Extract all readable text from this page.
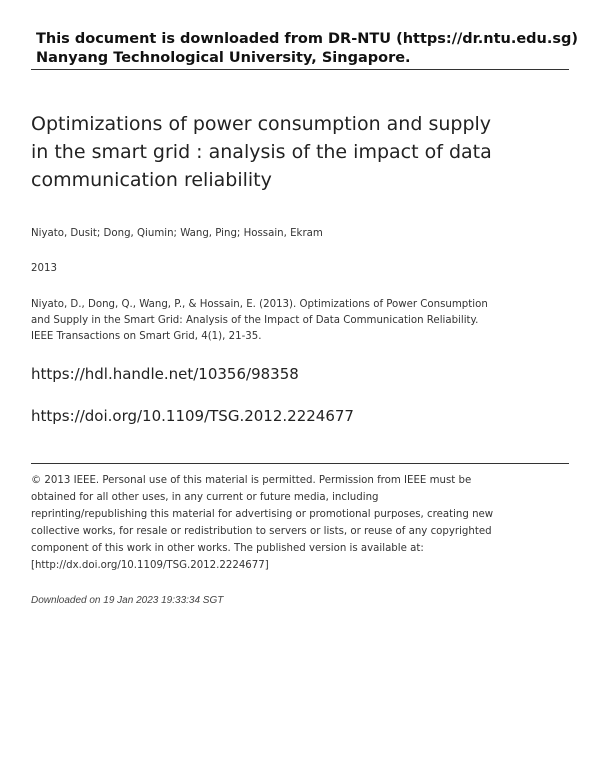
This document is downloaded from DR-NTU (https://dr.ntu.edu.sg)
Nanyang Technological University, Singapore.
Optimizations of power consumption and supply in the smart grid : analysis of the impact of data communication reliability
Niyato, Dusit; Dong, Qiumin; Wang, Ping; Hossain, Ekram
2013
Niyato, D., Dong, Q., Wang, P., & Hossain, E. (2013). Optimizations of Power Consumption and Supply in the Smart Grid: Analysis of the Impact of Data Communication Reliability. IEEE Transactions on Smart Grid, 4(1), 21-35.
https://hdl.handle.net/10356/98358
https://doi.org/10.1109/TSG.2012.2224677
© 2013 IEEE. Personal use of this material is permitted. Permission from IEEE must be
obtained for all other uses, in any current or future media, including
reprinting/republishing this material for advertising or promotional purposes, creating new
collective works, for resale or redistribution to servers or lists, or reuse of any copyrighted
component of this work in other works. The published version is available at:
[http://dx.doi.org/10.1109/TSG.2012.2224677]
Downloaded on 19 Jan 2023 19:33:34 SGT
